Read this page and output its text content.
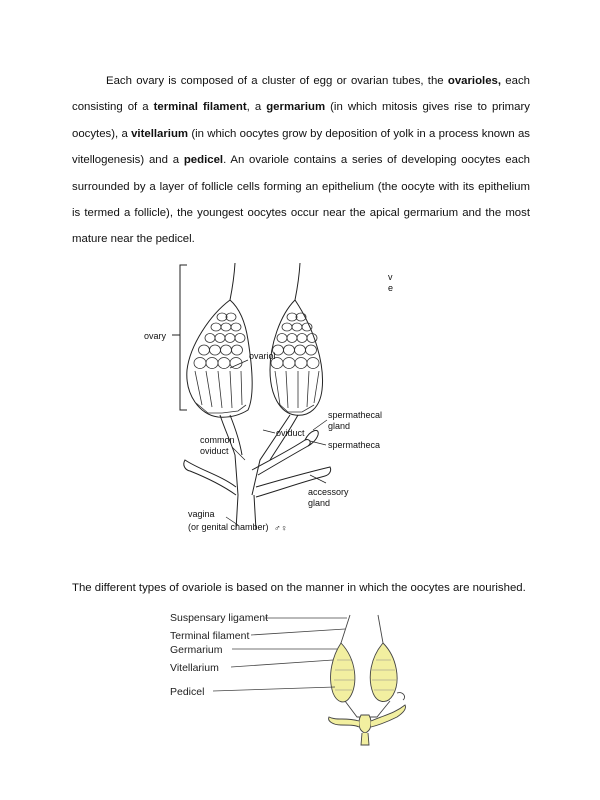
Each ovary is composed of a cluster of egg or ovarian tubes, the ovarioles, each consisting of a terminal filament, a germarium (in which mitosis gives rise to primary oocytes), a vitellarium (in which oocytes grow by deposition of yolk in a process known as vitellogenesis) and a pedicel. An ovariole contains a series of developing oocytes each surrounded by a layer of follicle cells forming an epithelium (the oocyte with its epithelium is termed a follicle), the youngest oocytes occur near the apical germarium and the most mature near the pedicel.
ovary
ovariol
oviduct
common
oviduct
spermathecal
gland
spermatheca
accessory
gland
vagina
(or genital chamber) ♂♀
v
e
The different types of ovariole is based on the manner in which the oocytes are nourished.
Suspensary ligament
Terminal filament
Germarium
Vitellarium
Pedicel
